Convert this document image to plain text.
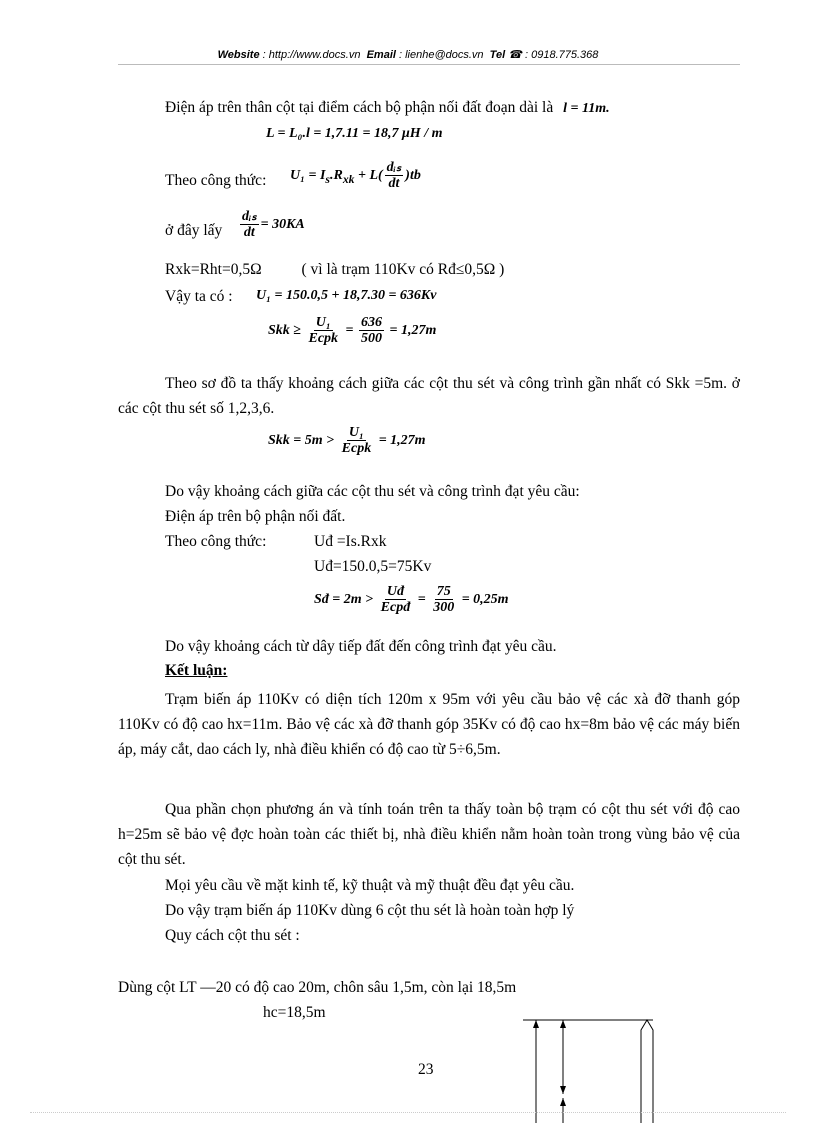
Website : http://www.docs.vn Email : lienhe@docs.vn Tel ☎ : 0918.775.368
Điện áp trên thân cột tại điểm cách bộ phận nối đất đoạn dài là l = 11m.
L = L₀.l = 1,7.11 = 18,7 μH / m
Theo công thức: $U_1 = I_s.R_{xk} + L( \frac{\text{dᵢₛ}}{dt} )tb$
ở đây lấy $\frac{\text{dᵢₛ}}{dt} = 30KA$
Rxk=Rht=0,5Ω	( vì là trạm 110Kv có Rđ≤0,5Ω )
Vậy ta có : U₁ = 150.0,5 + 18,7.30 = 636Kv
Skk ≥ $\frac{\text{U₁}}{\text{Ecpk}} = \frac{636}{500} = 1,27m$

Theo sơ đồ ta thấy khoảng cách giữa các cột thu sét và công trình gần nhất có Skk =5m. ở các cột thu sét số 1,2,3,6.

Skk = $5m > \frac{\text{U₁}}{\text{Ecpk}} = 1,27m$
Do vậy khoảng cách giữa các cột thu sét và công trình đạt yêu cầu:
Điện áp trên bộ phận nối đất.
Theo công thức:	Uđ =Is.Rxk
Uđ=150.0,5=75Kv
Sđ = $2m > \frac{Uđ}{\text{Ecpđ}} = \frac{75}{300} = 0,25m$
Do vậy khoảng cách từ dây tiếp đất đến công trình đạt yêu cầu.
Kết luận:

Trạm biến áp 110Kv có diện tích 120m x 95m với yêu cầu bảo vệ các xà đỡ thanh góp 110Kv có độ cao hx=11m. Bảo vệ các xà đỡ thanh góp 35Kv có độ cao hx=8m bảo vệ các máy biến áp, máy cắt, dao cách ly, nhà điều khiển có độ cao từ 5÷6,5m.

Qua phần chọn phương án và tính toán trên ta thấy toàn bộ trạm có cột thu sét với độ cao h=25m sẽ bảo vệ đợc hoàn toàn các thiết bị, nhà điều khiển nằm hoàn toàn trong vùng bảo vệ của cột thu sét.

Mọi yêu cầu về mặt kinh tế, kỹ thuật và mỹ thuật đều đạt yêu cầu.
Do vậy trạm biến áp 110Kv dùng 6 cột thu sét là hoàn toàn hợp lý
Quy cách cột thu sét :
Dùng cột LT —20 có độ cao 20m, chôn sâu 1,5m, còn lại 18,5m
hc=18,5m
23
